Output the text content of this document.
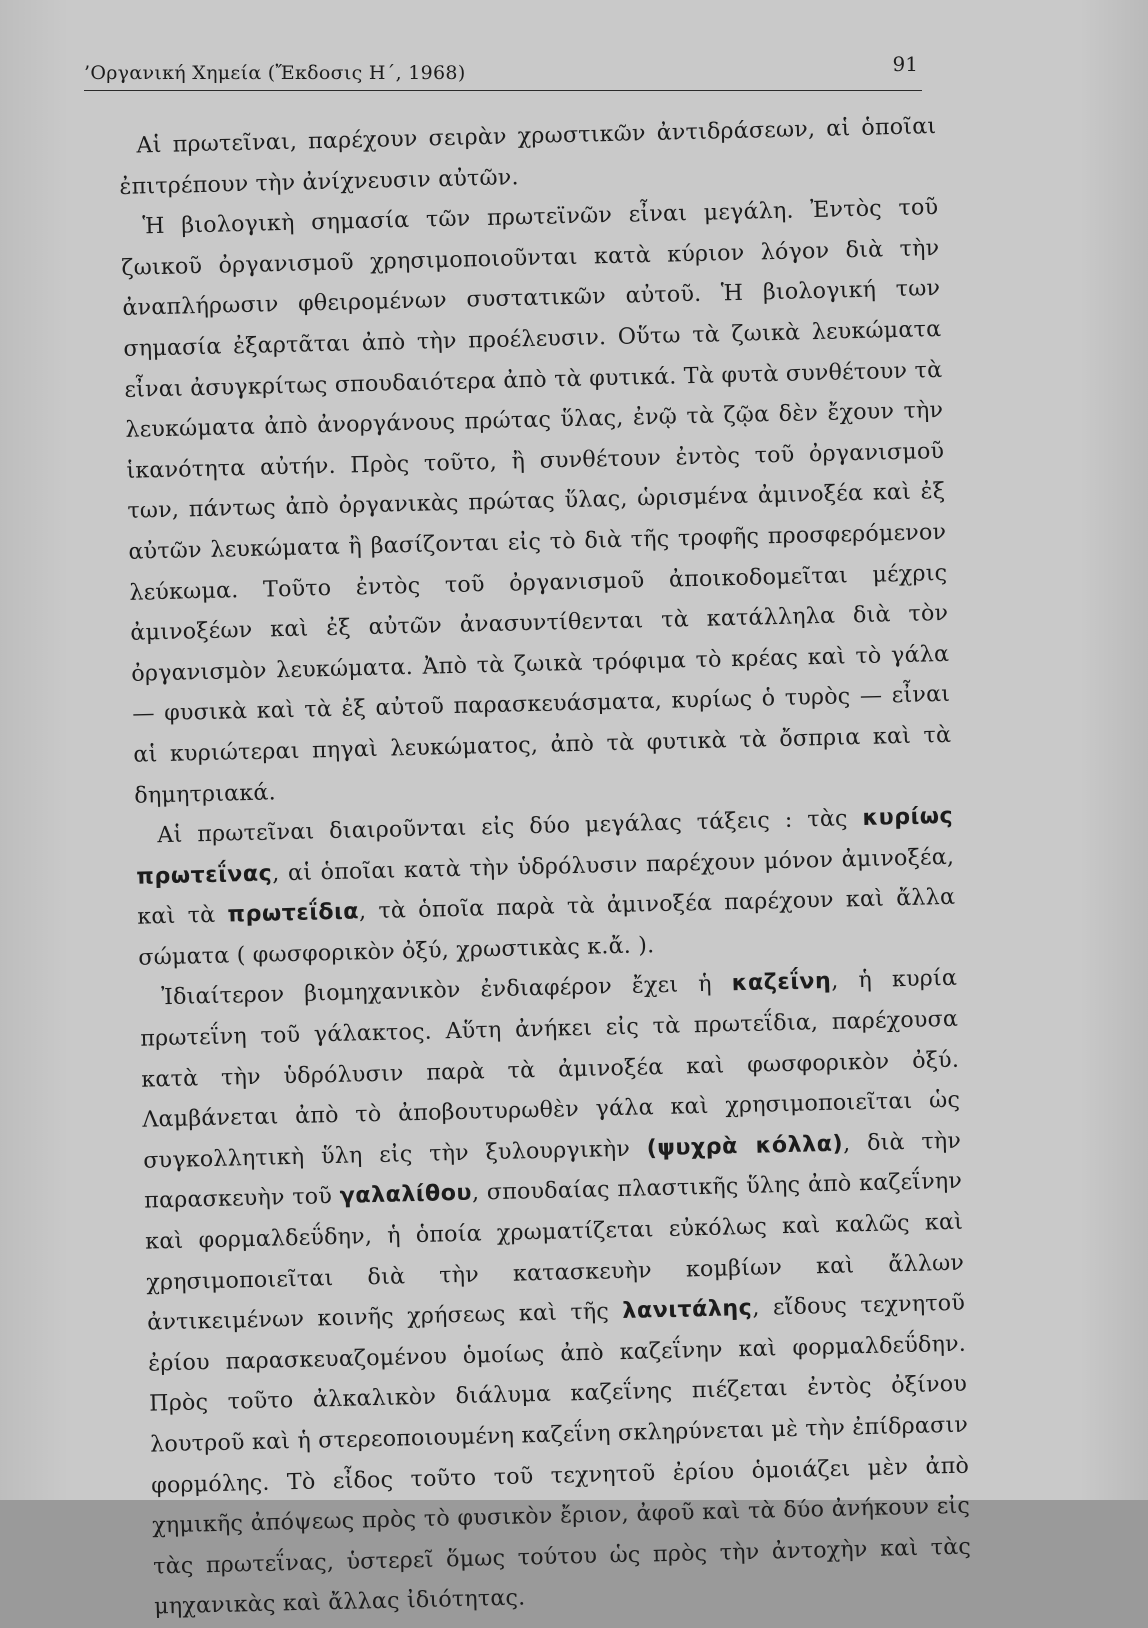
’Οργανική Χημεία (Ἔκδοσις Η΄, 1968)	91

Αἱ πρωτεῖναι, παρέχουν σειρὰν χρωστικῶν ἀντιδράσεων, αἱ ὁποῖαι ἐπιτρέπουν τὴν ἀνίχνευσιν αὐτῶν.

Ἡ βιολογικὴ σημασία τῶν πρωτεϊνῶν εἶναι μεγάλη. Ἐντὸς τοῦ ζωικοῦ ὀργανισμοῦ χρησιμοποιοῦνται κατὰ κύριον λόγον διὰ τὴν ἀναπλήρωσιν φθειρομένων συστατικῶν αὐτοῦ. Ἡ βιολογική των σημασία ἐξαρτᾶται ἀπὸ τὴν προέλευσιν. Οὕτω τὰ ζωικὰ λευκώματα εἶναι ἀσυγκρίτως σπουδαιότερα ἀπὸ τὰ φυτικά. Τὰ φυτὰ συνθέτουν τὰ λευκώματα ἀπὸ ἀνοργάνους πρώτας ὕλας, ἐνῷ τὰ ζῷα δὲν ἔχουν τὴν ἱκανότητα αὐτήν. Πρὸς τοῦτο, ἢ συνθέτουν ἐντὸς τοῦ ὀργανισμοῦ των, πάντως ἀπὸ ὀργανικὰς πρώτας ὕλας, ὡρισμένα ἀμινοξέα καὶ ἐξ αὐτῶν λευκώματα ἢ βασίζονται εἰς τὸ διὰ τῆς τροφῆς προσφερόμενον λεύκωμα. Τοῦτο ἐντὸς τοῦ ὀργανισμοῦ ἀποικοδομεῖται μέχρις ἀμινοξέων καὶ ἐξ αὐτῶν ἀνασυντίθενται τὰ κατάλληλα διὰ τὸν ὀργανισμὸν λευκώματα. Ἀπὸ τὰ ζωικὰ τρόφιμα τὸ κρέας καὶ τὸ γάλα — φυσικὰ καὶ τὰ ἐξ αὐτοῦ παρασκευάσματα, κυρίως ὁ τυρὸς — εἶναι αἱ κυριώτεραι πηγαὶ λευκώματος, ἀπὸ τὰ φυτικὰ τὰ ὄσπρια καὶ τὰ δημητριακά.

Αἱ πρωτεῖναι διαιροῦνται εἰς δύο μεγάλας τάξεις : τὰς κυρίως πρωτεΐνας, αἱ ὁποῖαι κατὰ τὴν ὑδρόλυσιν παρέχουν μόνον ἀμινοξέα, καὶ τὰ πρωτεΐδια, τὰ ὁποῖα παρὰ τὰ ἀμινοξέα παρέχουν καὶ ἄλλα σώματα ( φωσφορικὸν ὀξύ, χρωστικὰς κ.ἄ. ).

Ἰδιαίτερον βιομηχανικὸν ἐνδιαφέρον ἔχει ἡ καζεΐνη, ἡ κυρία πρωτεΐνη τοῦ γάλακτος. Αὕτη ἀνήκει εἰς τὰ πρωτεΐδια, παρέχουσα κατὰ τὴν ὑδρόλυσιν παρὰ τὰ ἀμινοξέα καὶ φωσφορικὸν ὀξύ. Λαμβάνεται ἀπὸ τὸ ἀποβουτυρωθὲν γάλα καὶ χρησιμοποιεῖται ὡς συγκολλητικὴ ὕλη εἰς τὴν ξυλουργικὴν (ψυχρὰ κόλλα), διὰ τὴν παρασκευὴν τοῦ γαλαλίθου, σπουδαίας πλαστικῆς ὕλης ἀπὸ καζεΐνην καὶ φορμαλδεΰδην, ἡ ὁποία χρωματίζεται εὐκόλως καὶ καλῶς καὶ χρησιμοποιεῖται διὰ τὴν κατασκευὴν κομβίων καὶ ἄλλων ἀντικειμένων κοινῆς χρήσεως καὶ τῆς λανιτάλης, εἴδους τεχνητοῦ ἐρίου παρασκευαζομένου ὁμοίως ἀπὸ καζεΐνην καὶ φορμαλδεΰδην. Πρὸς τοῦτο ἀλκαλικὸν διάλυμα καζεΐνης πιέζεται ἐντὸς ὀξίνου λουτροῦ καὶ ἡ στερεοποιουμένη καζεΐνη σκληρύνεται μὲ τὴν ἐπίδρασιν φορμόλης. Τὸ εἶδος τοῦτο τοῦ τεχνητοῦ ἐρίου ὁμοιάζει μὲν ἀπὸ χημικῆς ἀπόψεως πρὸς τὸ φυσικὸν ἔριον, ἀφοῦ καὶ τὰ δύο ἀνήκουν εἰς τὰς πρωτεΐνας, ὑστερεῖ ὅμως τούτου ὡς πρὸς τὴν ἀντοχὴν καὶ τὰς μηχανικὰς καὶ ἄλλας ἰδιότητας.
